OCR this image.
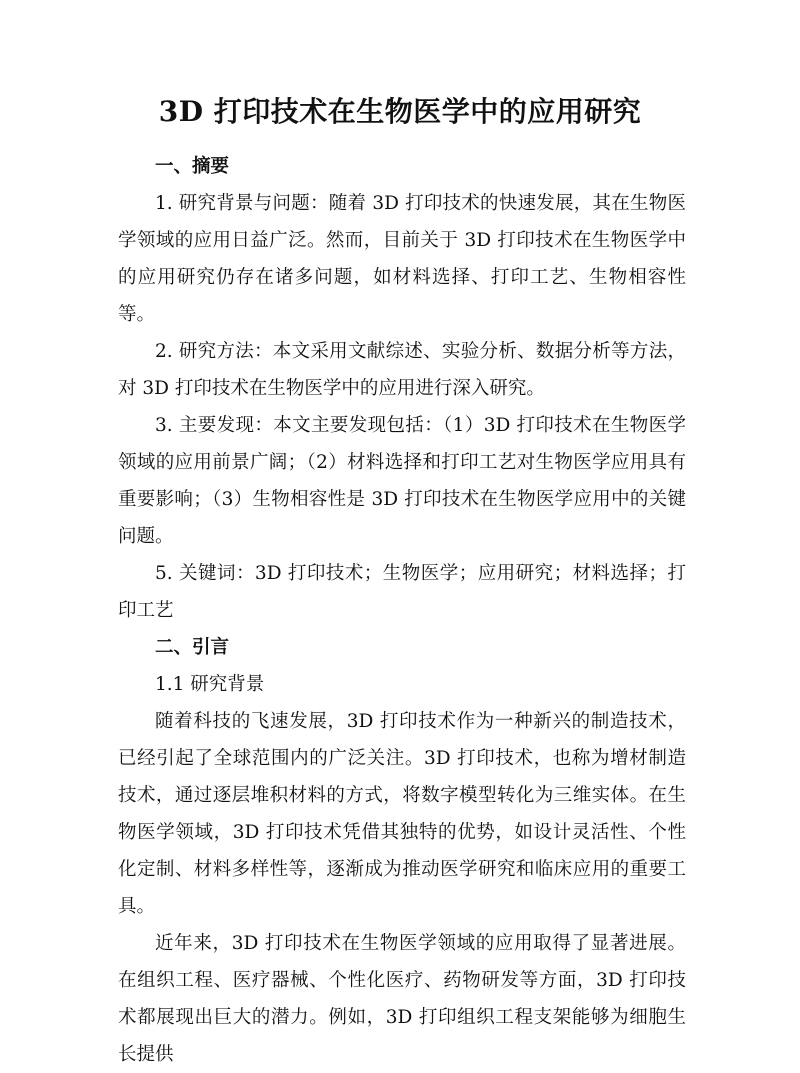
3D 打印技术在生物医学中的应用研究

一、摘要

1. 研究背景与问题：随着 3D 打印技术的快速发展，其在生物医学领域的应用日益广泛。然而，目前关于 3D 打印技术在生物医学中的应用研究仍存在诸多问题，如材料选择、打印工艺、生物相容性等。

2. 研究方法：本文采用文献综述、实验分析、数据分析等方法，对 3D 打印技术在生物医学中的应用进行深入研究。

3. 主要发现：本文主要发现包括：（1）3D 打印技术在生物医学领域的应用前景广阔；（2）材料选择和打印工艺对生物医学应用具有重要影响；（3）生物相容性是 3D 打印技术在生物医学应用中的关键问题。

5. 关键词：3D 打印技术；生物医学；应用研究；材料选择；打印工艺

二、引言

1.1 研究背景

随着科技的飞速发展，3D 打印技术作为一种新兴的制造技术，已经引起了全球范围内的广泛关注。3D 打印技术，也称为增材制造技术，通过逐层堆积材料的方式，将数字模型转化为三维实体。在生物医学领域，3D 打印技术凭借其独特的优势，如设计灵活性、个性化定制、材料多样性等，逐渐成为推动医学研究和临床应用的重要工具。

近年来，3D 打印技术在生物医学领域的应用取得了显著进展。在组织工程、医疗器械、个性化医疗、药物研发等方面，3D 打印技术都展现出巨大的潜力。例如，3D 打印组织工程支架能够为细胞生长提供
